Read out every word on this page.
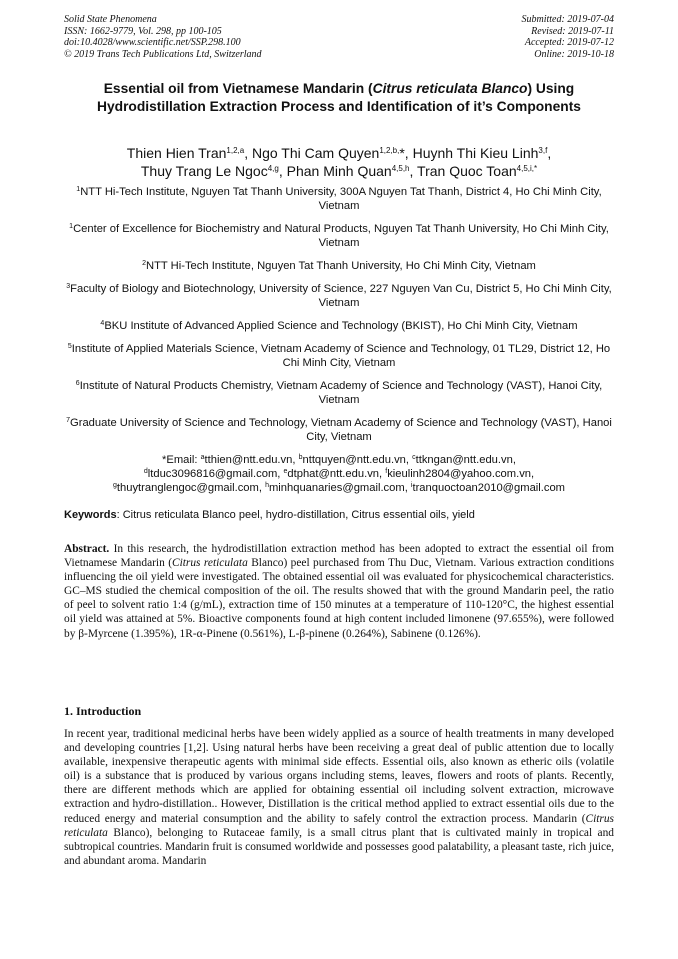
Solid State Phenomena
ISSN: 1662-9779, Vol. 298, pp 100-105
doi:10.4028/www.scientific.net/SSP.298.100
© 2019 Trans Tech Publications Ltd, Switzerland
Submitted: 2019-07-04
Revised: 2019-07-11
Accepted: 2019-07-12
Online: 2019-10-18
Essential oil from Vietnamese Mandarin (Citrus reticulata Blanco) Using Hydrodistillation Extraction Process and Identification of it’s Components
Thien Hien Tran$^{1,2,a}$, Ngo Thi Cam Quyen$^{1,2,b,}$*, Huynh Thi Kieu Linh$^{3,f}$,
Thuy Trang Le Ngoc$^{4,g}$, Phan Minh Quan$^{4,5,h}$, Tran Quoc Toan$^{4,5,i,*}$
$^1$NTT Hi-Tech Institute, Nguyen Tat Thanh University, 300A Nguyen Tat Thanh, District 4, Ho Chi Minh City, Vietnam
$^1$Center of Excellence for Biochemistry and Natural Products, Nguyen Tat Thanh University, Ho Chi Minh City, Vietnam
$^2$NTT Hi-Tech Institute, Nguyen Tat Thanh University, Ho Chi Minh City, Vietnam
$^3$Faculty of Biology and Biotechnology, University of Science, 227 Nguyen Van Cu, District 5, Ho Chi Minh City, Vietnam
$^4$BKU Institute of Advanced Applied Science and Technology (BKIST), Ho Chi Minh City, Vietnam
$^5$Institute of Applied Materials Science, Vietnam Academy of Science and Technology, 01 TL29, District 12, Ho Chi Minh City, Vietnam
$^6$Institute of Natural Products Chemistry, Vietnam Academy of Science and Technology (VAST), Hanoi City, Vietnam
$^7$Graduate University of Science and Technology, Vietnam Academy of Science and Technology (VAST), Hanoi City, Vietnam
*Email: $^a$tthien@ntt.edu.vn, $^b$nttquyen@ntt.edu.vn, $^c$ttkngan@ntt.edu.vn,
$^d$ltduc3096816@gmail.com, $^e$dtphat@ntt.edu.vn, $^f$kieulinh2804@yahoo.com.vn,
$^g$thuytranglengoc@gmail.com, $^h$minhquanaries@gmail.com, $^i$tranquoctoan2010@gmail.com
Keywords: Citrus reticulata Blanco peel, hydro-distillation, Citrus essential oils, yield
Abstract. In this research, the hydrodistillation extraction method has been adopted to extract the essential oil from Vietnamese Mandarin (Citrus reticulata Blanco) peel purchased from Thu Duc, Vietnam. Various extraction conditions influencing the oil yield were investigated. The obtained essential oil was evaluated for physicochemical characteristics. GC–MS studied the chemical composition of the oil. The results showed that with the ground Mandarin peel, the ratio of peel to solvent ratio 1:4 (g/mL), extraction time of 150 minutes at a temperature of 110-120°C, the highest essential oil yield was attained at 5%. Bioactive components found at high content included limonene (97.655%), were followed by β-Myrcene (1.395%), 1R-α-Pinene (0.561%), L-β-pinene (0.264%), Sabinene (0.126%).
1. Introduction
In recent year, traditional medicinal herbs have been widely applied as a source of health treatments in many developed and developing countries [1,2]. Using natural herbs have been receiving a great deal of public attention due to locally available, inexpensive therapeutic agents with minimal side effects. Essential oils, also known as etheric oils (volatile oil) is a substance that is produced by various organs including stems, leaves, flowers and roots of plants. Recently, there are different methods which are applied for obtaining essential oil including solvent extraction, microwave extraction and hydro-distillation.. However, Distillation is the critical method applied to extract essential oils due to the reduced energy and material consumption and the ability to safely control the extraction process. Mandarin (Citrus reticulata Blanco), belonging to Rutaceae family, is a small citrus plant that is cultivated mainly in tropical and subtropical countries. Mandarin fruit is consumed worldwide and possesses good palatability, a pleasant taste, rich juice, and abundant aroma. Mandarin
